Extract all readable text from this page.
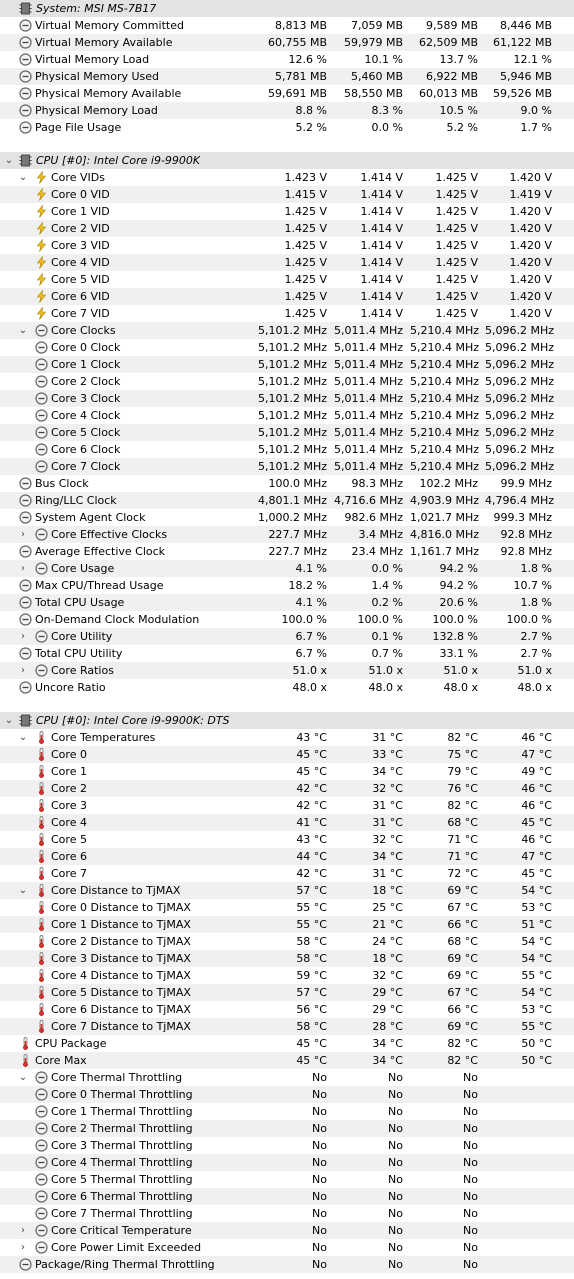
System: MSI MS-7B17
Virtual Memory Committed	8,813 MB	7,059 MB	9,589 MB	8,446 MB
Virtual Memory Available	60,755 MB	59,979 MB	62,509 MB	61,122 MB
Virtual Memory Load	12.6 %	10.1 %	13.7 %	12.1 %
Physical Memory Used	5,781 MB	5,460 MB	6,922 MB	5,946 MB
Physical Memory Available	59,691 MB	58,550 MB	60,013 MB	59,526 MB
Physical Memory Load	8.8 %	8.3 %	10.5 %	9.0 %
Page File Usage	5.2 %	0.0 %	5.2 %	1.7 %
⌄ CPU [#0]: Intel Core i9-9900K
⌄ Core VIDs	1.423 V	1.414 V	1.425 V	1.420 V
Core 0 VID	1.415 V	1.414 V	1.425 V	1.419 V
Core 1 VID	1.425 V	1.414 V	1.425 V	1.420 V
Core 2 VID	1.425 V	1.414 V	1.425 V	1.420 V
Core 3 VID	1.425 V	1.414 V	1.425 V	1.420 V
Core 4 VID	1.425 V	1.414 V	1.425 V	1.420 V
Core 5 VID	1.425 V	1.414 V	1.425 V	1.420 V
Core 6 VID	1.425 V	1.414 V	1.425 V	1.420 V
Core 7 VID	1.425 V	1.414 V	1.425 V	1.420 V
⌄ Core Clocks	5,101.2 MHz 5,011.4 MHz 5,210.4 MHz 5,096.2 MHz
Core 0 Clock	5,101.2 MHz 5,011.4 MHz 5,210.4 MHz 5,096.2 MHz
Core 1 Clock	5,101.2 MHz 5,011.4 MHz 5,210.4 MHz 5,096.2 MHz
Core 2 Clock	5,101.2 MHz 5,011.4 MHz 5,210.4 MHz 5,096.2 MHz
Core 3 Clock	5,101.2 MHz 5,011.4 MHz 5,210.4 MHz 5,096.2 MHz
Core 4 Clock	5,101.2 MHz 5,011.4 MHz 5,210.4 MHz 5,096.2 MHz
Core 5 Clock	5,101.2 MHz 5,011.4 MHz 5,210.4 MHz 5,096.2 MHz
Core 6 Clock	5,101.2 MHz 5,011.4 MHz 5,210.4 MHz 5,096.2 MHz
Core 7 Clock	5,101.2 MHz 5,011.4 MHz 5,210.4 MHz 5,096.2 MHz
Bus Clock	100.0 MHz	98.3 MHz	102.2 MHz	99.9 MHz
Ring/LLC Clock	4,801.1 MHz 4,716.6 MHz 4,903.9 MHz 4,796.4 MHz
System Agent Clock	1,000.2 MHz	982.6 MHz 1,021.7 MHz	999.3 MHz
› Core Effective Clocks	227.7 MHz	3.4 MHz 4,816.0 MHz	92.8 MHz
Average Effective Clock	227.7 MHz	23.4 MHz 1,161.7 MHz	92.8 MHz
› Core Usage	4.1 %	0.0 %	94.2 %	1.8 %
Max CPU/Thread Usage	18.2 %	1.4 %	94.2 %	10.7 %
Total CPU Usage	4.1 %	0.2 %	20.6 %	1.8 %
On-Demand Clock Modulation	100.0 %	100.0 %	100.0 %	100.0 %
› Core Utility	6.7 %	0.1 %	132.8 %	2.7 %
Total CPU Utility	6.7 %	0.7 %	33.1 %	2.7 %
› Core Ratios	51.0 x	51.0 x	51.0 x	51.0 x
Uncore Ratio	48.0 x	48.0 x	48.0 x	48.0 x
⌄ CPU [#0]: Intel Core i9-9900K: DTS
⌄ Core Temperatures	43 °C	31 °C	82 °C	46 °C
Core 0	45 °C	33 °C	75 °C	47 °C
Core 1	45 °C	34 °C	79 °C	49 °C
Core 2	42 °C	32 °C	76 °C	46 °C
Core 3	42 °C	31 °C	82 °C	46 °C
Core 4	41 °C	31 °C	68 °C	45 °C
Core 5	43 °C	32 °C	71 °C	46 °C
Core 6	44 °C	34 °C	71 °C	47 °C
Core 7	42 °C	31 °C	72 °C	45 °C
⌄ Core Distance to TjMAX	57 °C	18 °C	69 °C	54 °C
Core 0 Distance to TjMAX	55 °C	25 °C	67 °C	53 °C
Core 1 Distance to TjMAX	55 °C	21 °C	66 °C	51 °C
Core 2 Distance to TjMAX	58 °C	24 °C	68 °C	54 °C
Core 3 Distance to TjMAX	58 °C	18 °C	69 °C	54 °C
Core 4 Distance to TjMAX	59 °C	32 °C	69 °C	55 °C
Core 5 Distance to TjMAX	57 °C	29 °C	67 °C	54 °C
Core 6 Distance to TjMAX	56 °C	29 °C	66 °C	53 °C
Core 7 Distance to TjMAX	58 °C	28 °C	69 °C	55 °C
CPU Package	45 °C	34 °C	82 °C	50 °C
Core Max	45 °C	34 °C	82 °C	50 °C
⌄ Core Thermal Throttling	No	No	No
Core 0 Thermal Throttling	No	No	No
Core 1 Thermal Throttling	No	No	No
Core 2 Thermal Throttling	No	No	No
Core 3 Thermal Throttling	No	No	No
Core 4 Thermal Throttling	No	No	No
Core 5 Thermal Throttling	No	No	No
Core 6 Thermal Throttling	No	No	No
Core 7 Thermal Throttling	No	No	No
› Core Critical Temperature	No	No	No
› Core Power Limit Exceeded	No	No	No
Package/Ring Thermal Throttling	No	No	No
